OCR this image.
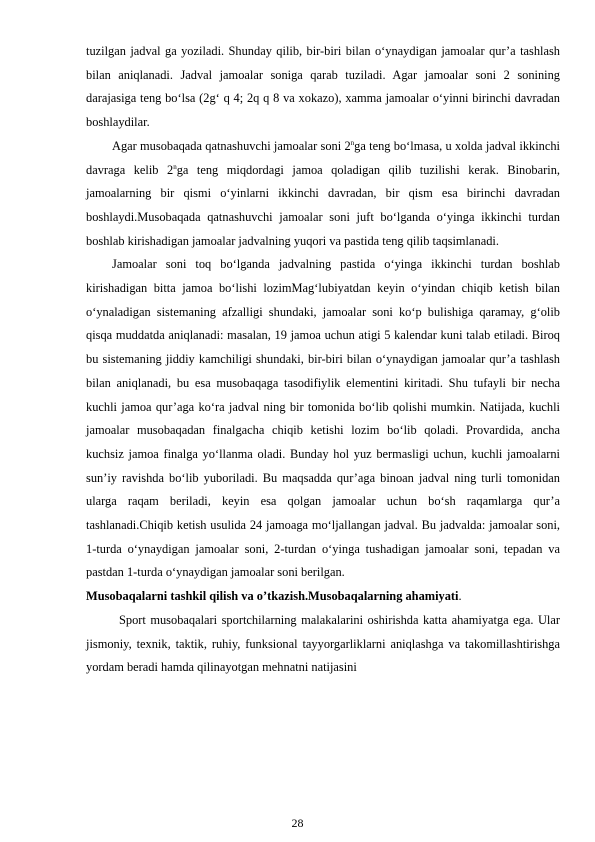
tuzilgan jadval ga yoziladi. Shunday qilib, bir-biri bilan o‘ynaydigan jamoalar qur’a tashlash bilan aniqlanadi. Jadval jamoalar soniga qarab tuziladi. Agar jamoalar soni 2 sonining darajasiga teng bo‘lsa (2g‘ q 4; 2q q 8 va xokazo), xamma jamoalar o‘yinni birinchi davradan boshlaydilar.

Agar musobaqada qatnashuvchi jamoalar soni 2$^n$ga teng bo‘lmasa, u xolda jadval ikkinchi davraga kelib 2$^n$ga teng miqdordagi jamoa qoladigan qilib tuzilishi kerak. Binobarin, jamoalarning bir qismi o‘yinlarni ikkinchi davradan, bir qism esa birinchi davradan boshlaydi.Musobaqada qatnashuvchi jamoalar soni juft bo‘lganda o‘yinga ikkinchi turdan boshlab kirishadigan jamoalar jadvalning yuqori va pastida teng qilib taqsimlanadi.

Jamoalar soni toq bo‘lganda jadvalning pastida o‘yinga ikkinchi turdan boshlab kirishadigan bitta jamoa bo‘lishi lozimMag‘lubiyatdan keyin o‘yindan chiqib ketish bilan o‘ynaladigan sistemaning afzalligi shundaki, jamoalar soni ko‘p bulishiga qaramay, g‘olib qisqa muddatda aniqlanadi: masalan, 19 jamoa uchun atigi 5 kalendar kuni talab etiladi. Biroq bu sistemaning jiddiy kamchiligi shundaki, bir-biri bilan o‘ynaydigan jamoalar qur’a tashlash bilan aniqlanadi, bu esa musobaqaga tasodifiylik elementini kiritadi. Shu tufayli bir necha kuchli jamoa qur’aga ko‘ra jadval ning bir tomonida bo‘lib qolishi mumkin. Natijada, kuchli jamoalar musobaqadan finalgacha chiqib ketishi lozim bo‘lib qoladi. Provardida, ancha kuchsiz jamoa finalga yo‘llanma oladi. Bunday hol yuz bermasligi uchun, kuchli jamoalarni sun’iy ravishda bo‘lib yuboriladi. Bu maqsadda qur’aga binoan jadval ning turli tomonidan ularga raqam beriladi, keyin esa qolgan jamoalar uchun bo‘sh raqamlarga qur’a tashlanadi.Chiqib ketish usulida 24 jamoaga mo‘ljallangan jadval. Bu jadvalda: jamoalar soni, 1-turda o‘ynaydigan jamoalar soni, 2-turdan o‘yinga tushadigan jamoalar soni, tepadan va pastdan 1-turda o‘ynaydigan jamoalar soni berilgan.

Musobaqalarni tashkil qilish va o’tkazish.Musobaqalarning ahamiyati.

Sport musobaqalari sportchilarning malakalarini oshirishda katta ahamiyatga ega. Ular jismoniy, texnik, taktik, ruhiy, funksional tayyorgarliklarni aniqlashga va takomillashtirishga yordam beradi hamda qilinayotgan mehnatni natijasini

28
